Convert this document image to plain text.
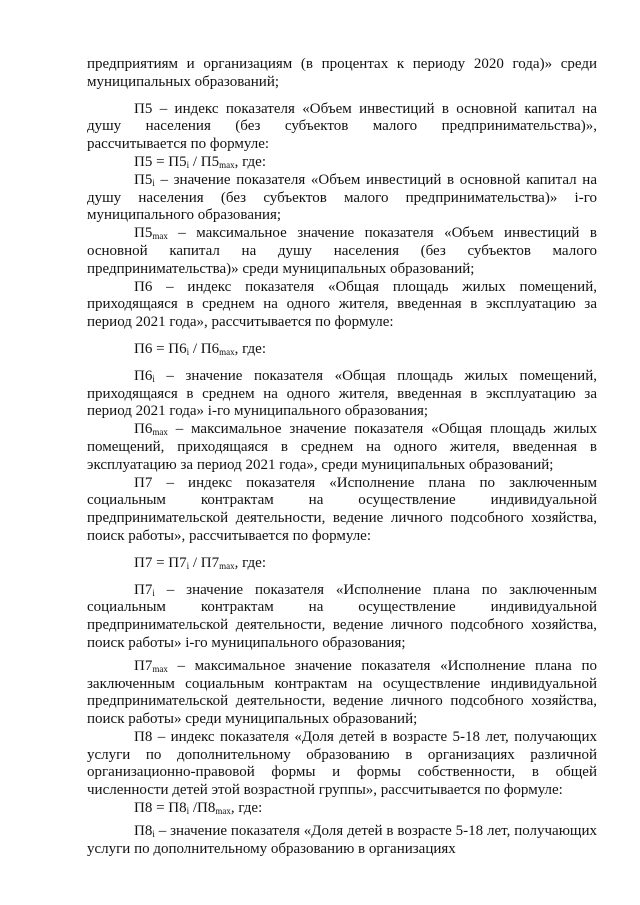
предприятиям и организациям (в процентах к периоду 2020 года)» среди муниципальных образований;

П5 – индекс показателя «Объем инвестиций в основной капитал на душу населения (без субъектов малого предпринимательства)», рассчитывается по формуле:

$П5 = П5_i / П5_{max}$, где:

$П5_i$ – значение показателя «Объем инвестиций в основной капитал на душу населения (без субъектов малого предпринимательства)» i-го муниципального образования;

$П5_{max}$ – максимальное значение показателя «Объем инвестиций в основной капитал на душу населения (без субъектов малого предпринимательства)» среди муниципальных образований;

П6 – индекс показателя «Общая площадь жилых помещений, приходящаяся в среднем на одного жителя, введенная в эксплуатацию за период 2021 года», рассчитывается по формуле:

$П6 = П6_i / П6_{max}$, где:

$П6_i$ – значение показателя «Общая площадь жилых помещений, приходящаяся в среднем на одного жителя, введенная в эксплуатацию за период 2021 года» i-го муниципального образования;

$П6_{max}$ – максимальное значение показателя «Общая площадь жилых помещений, приходящаяся в среднем на одного жителя, введенная в эксплуатацию за период 2021 года», среди муниципальных образований;

П7 – индекс показателя «Исполнение плана по заключенным социальным контрактам на осуществление индивидуальной предпринимательской деятельности, ведение личного подсобного хозяйства, поиск работы», рассчитывается по формуле:

$П7 = П7_i / П7_{max}$, где:

$П7_i$ – значение показателя «Исполнение плана по заключенным социальным контрактам на осуществление индивидуальной предпринимательской деятельности, ведение личного подсобного хозяйства, поиск работы» i-го муниципального образования;

$П7_{max}$ – максимальное значение показателя «Исполнение плана по заключенным социальным контрактам на осуществление индивидуальной предпринимательской деятельности, ведение личного подсобного хозяйства, поиск работы» среди муниципальных образований;

П8 – индекс показателя «Доля детей в возрасте 5-18 лет, получающих услуги по дополнительному образованию в организациях различной организационно-правовой формы и формы собственности, в общей численности детей этой возрастной группы», рассчитывается по формуле:

$П8 = П8_i$ $/П8_{max}$, где:

$П8_i$ – значение показателя «Доля детей в возрасте 5-18 лет, получающих услуги по дополнительному образованию в организациях
